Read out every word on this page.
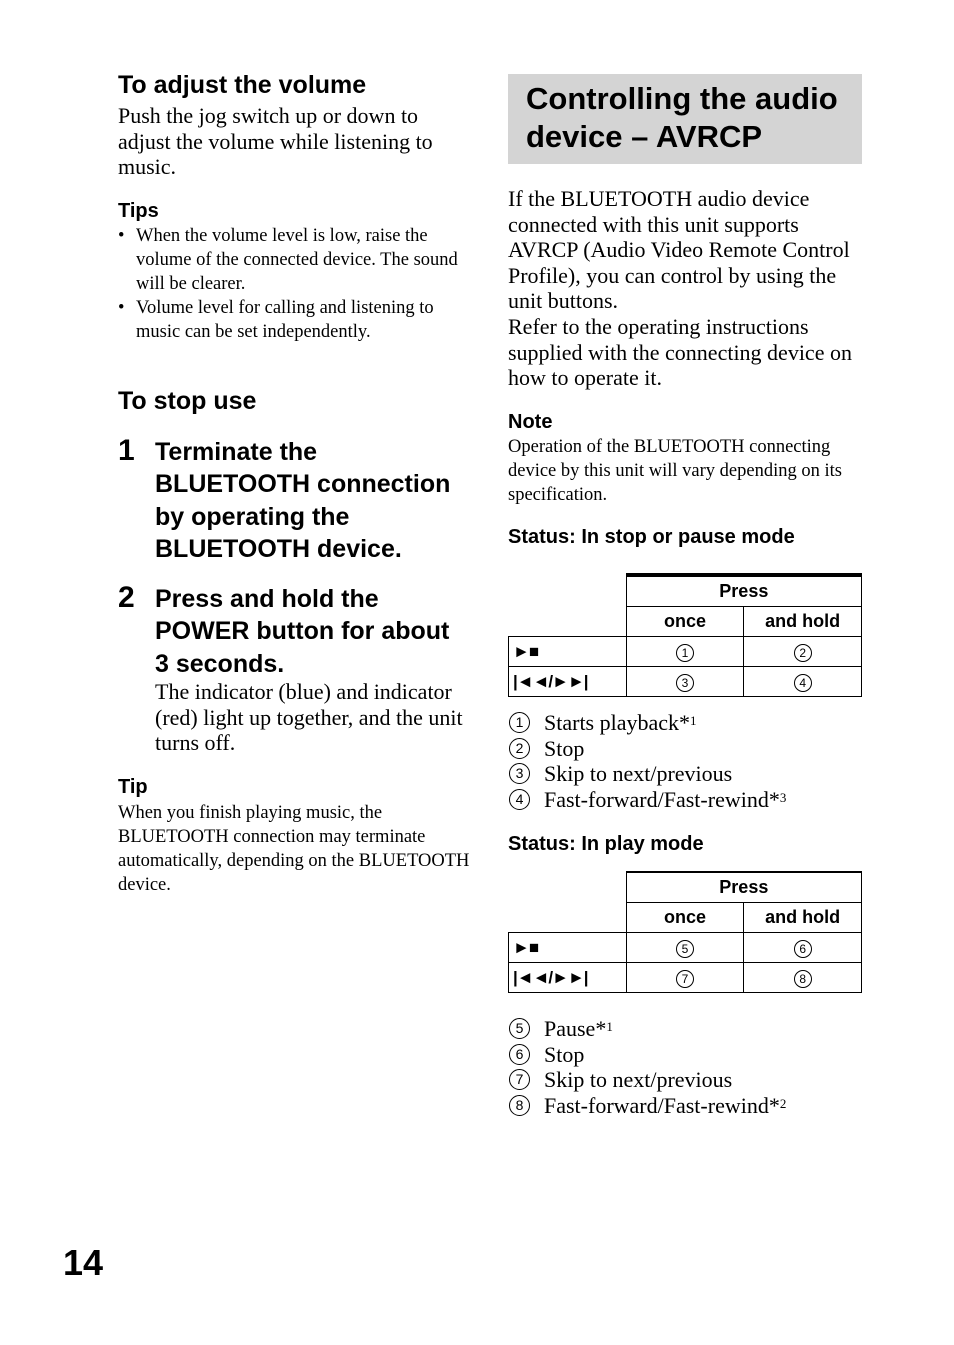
To adjust the volume
Push the jog switch up or down to adjust the volume while listening to music.
Tips
• When the volume level is low, raise the volume of the connected device. The sound will be clearer.
• Volume level for calling and listening to music can be set independently.
To stop use
1 Terminate the BLUETOOTH connection by operating the BLUETOOTH device.
2 Press and hold the POWER button for about 3 seconds.
The indicator (blue) and indicator (red) light up together, and the unit turns off.
Tip
When you finish playing music, the BLUETOOTH connection may terminate automatically, depending on the BLUETOOTH device.
Controlling the audio device – AVRCP
If the BLUETOOTH audio device connected with this unit supports AVRCP (Audio Video Remote Control Profile), you can control by using the unit buttons.
Refer to the operating instructions supplied with the connecting device on how to operate it.
Note
Operation of the BLUETOOTH connecting device by this unit will vary depending on its specification.
Status: In stop or pause mode
	Press	
	once	and hold
►■	1	2
|◄◄/►►|	3	4
1 Starts playback*$^1$
2 Stop
3 Skip to next/previous
4 Fast-forward/Fast-rewind*$^3$
Status: In play mode
	Press	
	once	and hold
►■	5	6
|◄◄/►►|	7	8
5 Pause*$^1$
6 Stop
7 Skip to next/previous
8 Fast-forward/Fast-rewind*$^2$
14
